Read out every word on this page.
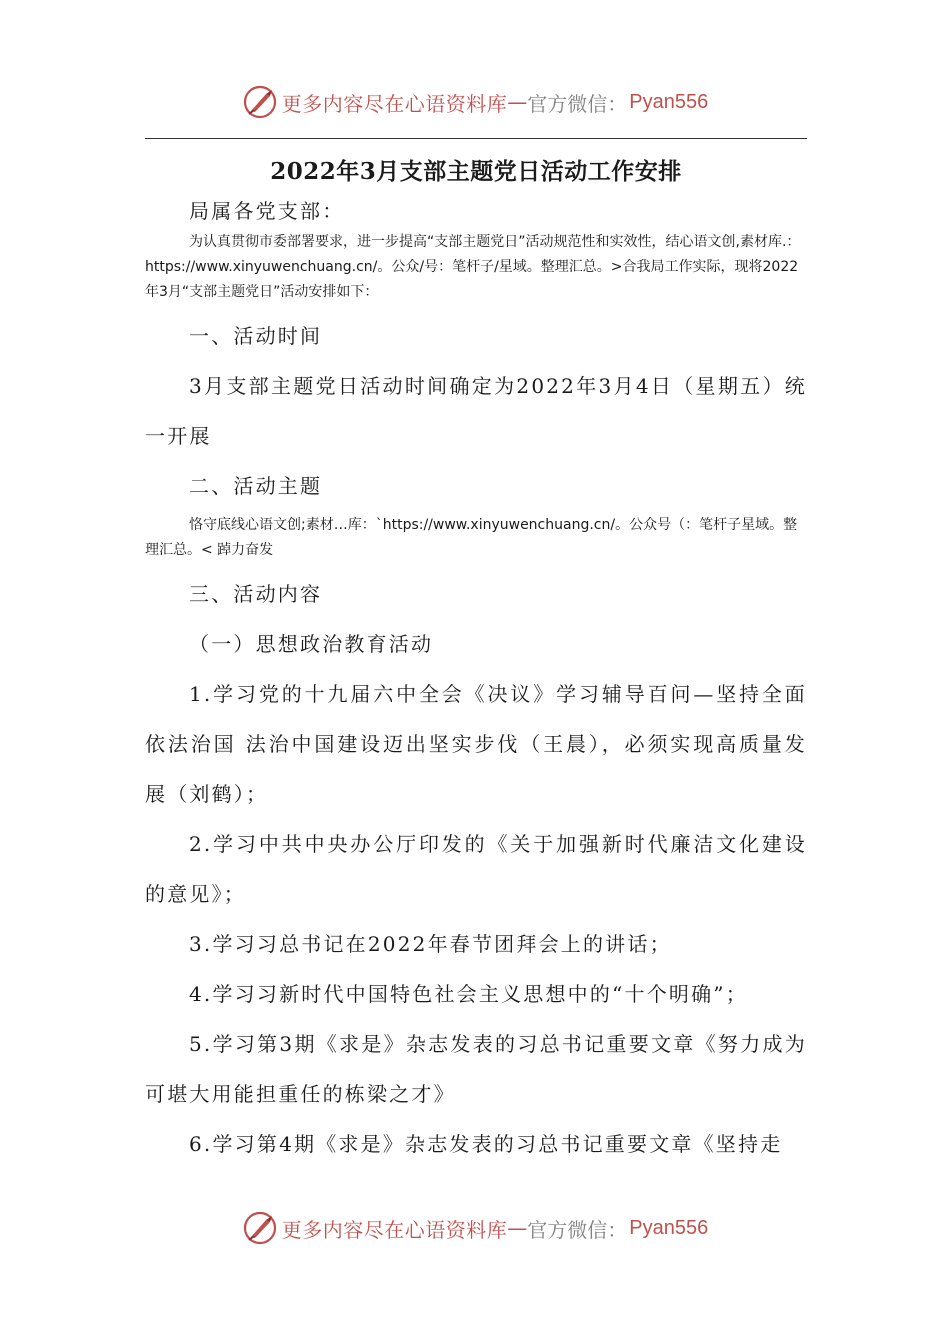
更多内容尽在心语资料库 — 官方微信： Pyan556
2022年3月支部主题党日活动工作安排

局属各党支部：

为认真贯彻市委部署要求，进一步提高“支部主题党日”活动规范性和实效性，结心语文创,素材库.：https://www.xinyuwenchuang.cn/。公众/号：笔杆子/星域。整理汇总。>合我局工作实际，现将2022年3月“支部主题党日”活动安排如下：

一、活动时间

3月支部主题党日活动时间确定为2022年3月4日（星期五）统一开展

二、活动主题

恪守底线心语文创;素材…库：`https://www.xinyuwenchuang.cn/。公众号（：笔杆子星域。整理汇总。< 踔力奋发

三、活动内容

（一）思想政治教育活动

1.学习党的十九届六中全会《决议》学习辅导百问—坚持全面依法治国 法治中国建设迈出坚实步伐（王晨），必须实现高质量发展（刘鹤）；

2.学习中共中央办公厅印发的《关于加强新时代廉洁文化建设的意见》；

3.学习习总书记在2022年春节团拜会上的讲话；

4.学习习新时代中国特色社会主义思想中的“十个明确”；

5.学习第3期《求是》杂志发表的习总书记重要文章《努力成为可堪大用能担重任的栋梁之才》

6.学习第4期《求是》杂志发表的习总书记重要文章《坚持走

更多内容尽在心语资料库 — 官方微信： Pyan556
